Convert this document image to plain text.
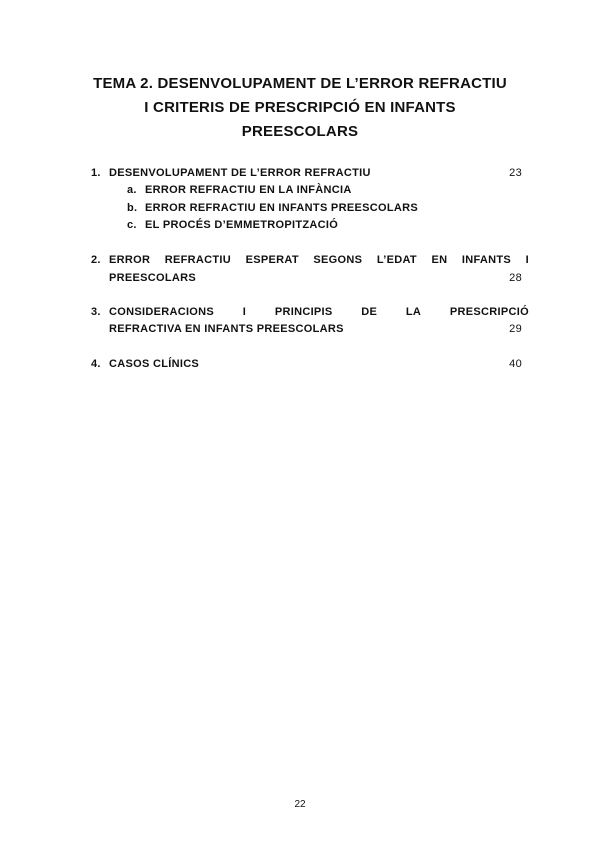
TEMA 2. DESENVOLUPAMENT DE L’ERROR REFRACTIU
I CRITERIS DE PRESCRIPCIÓ EN INFANTS
PREESCOLARS
1. DESENVOLUPAMENT DE L’ERROR REFRACTIU	23
a. ERROR REFRACTIU EN LA INFÀNCIA
b. ERROR REFRACTIU EN INFANTS PREESCOLARS
c. EL PROCÉS D’EMMETROPITZACIÓ
2. ERROR REFRACTIU ESPERAT SEGONS L’EDAT EN INFANTS I
PREESCOLARS	28
3. CONSIDERACIONS	I	PRINCIPIS	DE	LA	PRESCRIPCIÓ
REFRACTIVA EN INFANTS PREESCOLARS	29
4. CASOS CLÍNICS	40
22
